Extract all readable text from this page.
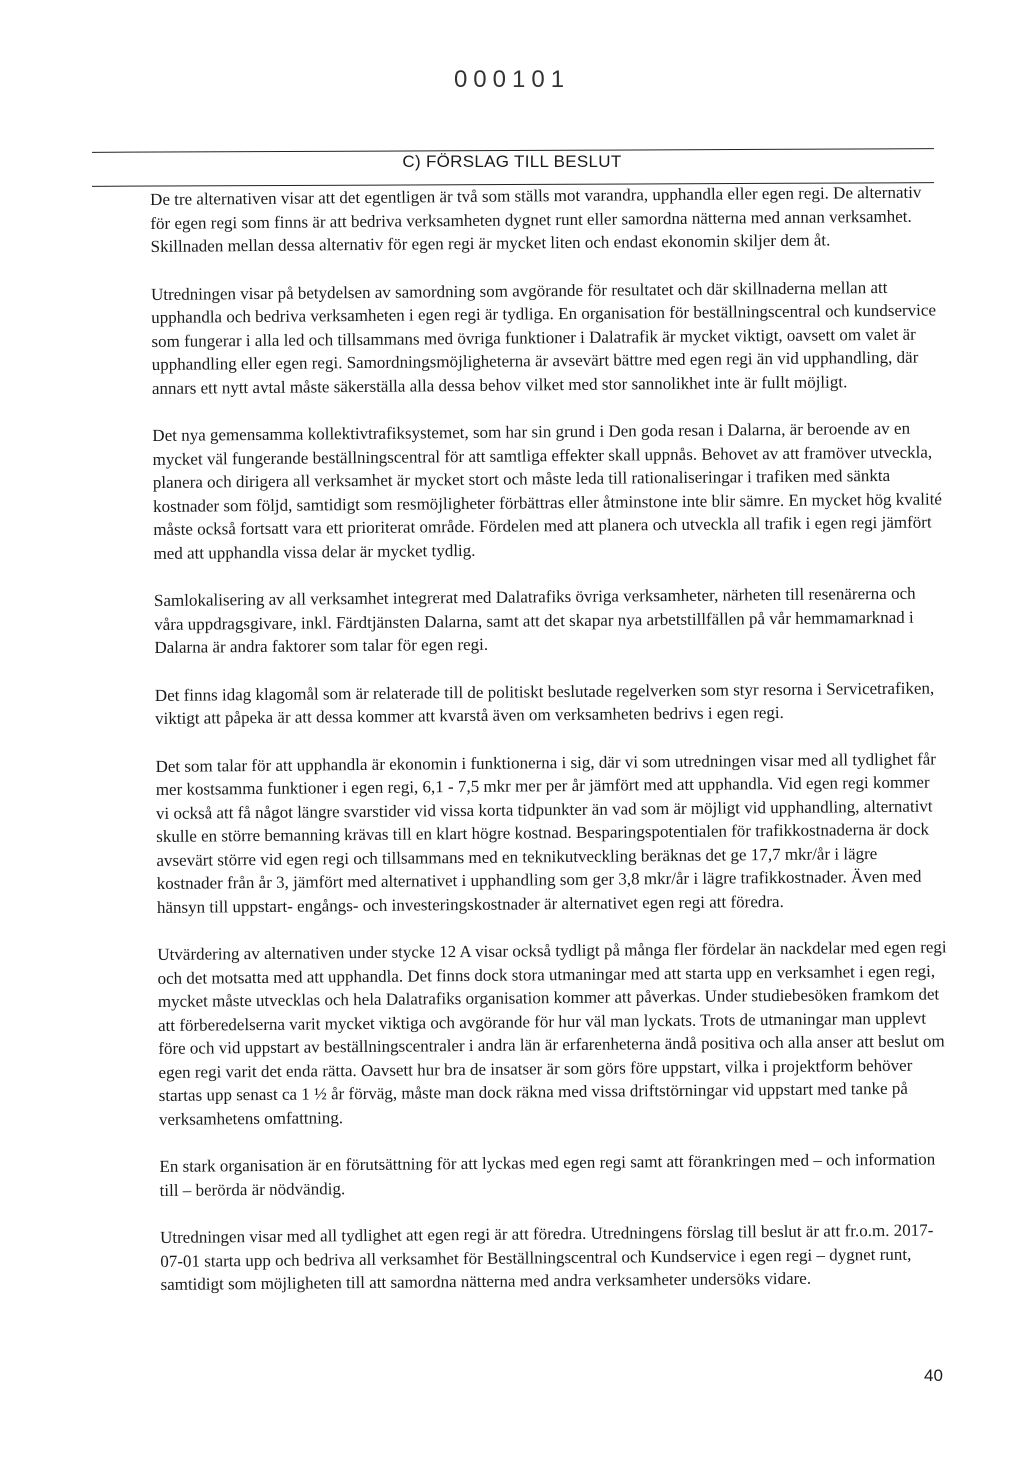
000101
C) FÖRSLAG TILL BESLUT

De tre alternativen visar att det egentligen är två som ställs mot varandra, upphandla eller egen regi. De alternativ för egen regi som finns är att bedriva verksamheten dygnet runt eller samordna nätterna med annan verksamhet. Skillnaden mellan dessa alternativ för egen regi är mycket liten och endast ekonomin skiljer dem åt.

Utredningen visar på betydelsen av samordning som avgörande för resultatet och där skillnaderna mellan att upphandla och bedriva verksamheten i egen regi är tydliga. En organisation för beställningscentral och kundservice som fungerar i alla led och tillsammans med övriga funktioner i Dalatrafik är mycket viktigt, oavsett om valet är upphandling eller egen regi. Samordningsmöjligheterna är avsevärt bättre med egen regi än vid upphandling, där annars ett nytt avtal måste säkerställa alla dessa behov vilket med stor sannolikhet inte är fullt möjligt.

Det nya gemensamma kollektivtrafiksystemet, som har sin grund i Den goda resan i Dalarna, är beroende av en mycket väl fungerande beställningscentral för att samtliga effekter skall uppnås. Behovet av att framöver utveckla, planera och dirigera all verksamhet är mycket stort och måste leda till rationaliseringar i trafiken med sänkta kostnader som följd, samtidigt som resmöjligheter förbättras eller åtminstone inte blir sämre. En mycket hög kvalité måste också fortsatt vara ett prioriterat område. Fördelen med att planera och utveckla all trafik i egen regi jämfört med att upphandla vissa delar är mycket tydlig.

Samlokalisering av all verksamhet integrerat med Dalatrafiks övriga verksamheter, närheten till resenärerna och våra uppdragsgivare, inkl. Färdtjänsten Dalarna, samt att det skapar nya arbetstillfällen på vår hemmamarknad i Dalarna är andra faktorer som talar för egen regi.

Det finns idag klagomål som är relaterade till de politiskt beslutade regelverken som styr resorna i Servicetrafiken, viktigt att påpeka är att dessa kommer att kvarstå även om verksamheten bedrivs i egen regi.

Det som talar för att upphandla är ekonomin i funktionerna i sig, där vi som utredningen visar med all tydlighet får mer kostsamma funktioner i egen regi, 6,1 - 7,5 mkr mer per år jämfört med att upphandla. Vid egen regi kommer vi också att få något längre svarstider vid vissa korta tidpunkter än vad som är möjligt vid upphandling, alternativt skulle en större bemanning krävas till en klart högre kostnad. Besparingspotentialen för trafikkostnaderna är dock avsevärt större vid egen regi och tillsammans med en teknikutveckling beräknas det ge 17,7 mkr/år i lägre kostnader från år 3, jämfört med alternativet i upphandling som ger 3,8 mkr/år i lägre trafikkostnader. Även med hänsyn till uppstart- engångs- och investeringskostnader är alternativet egen regi att föredra.

Utvärdering av alternativen under stycke 12 A visar också tydligt på många fler fördelar än nackdelar med egen regi och det motsatta med att upphandla. Det finns dock stora utmaningar med att starta upp en verksamhet i egen regi, mycket måste utvecklas och hela Dalatrafiks organisation kommer att påverkas. Under studiebesöken framkom det att förberedelserna varit mycket viktiga och avgörande för hur väl man lyckats. Trots de utmaningar man upplevt före och vid uppstart av beställningscentraler i andra län är erfarenheterna ändå positiva och alla anser att beslut om egen regi varit det enda rätta. Oavsett hur bra de insatser är som görs före uppstart, vilka i projektform behöver startas upp senast ca 1 ½ år förväg, måste man dock räkna med vissa driftstörningar vid uppstart med tanke på verksamhetens omfattning.

En stark organisation är en förutsättning för att lyckas med egen regi samt att förankringen med – och information till – berörda är nödvändig.

Utredningen visar med all tydlighet att egen regi är att föredra. Utredningens förslag till beslut är att fr.o.m. 2017-07-01 starta upp och bedriva all verksamhet för Beställningscentral och Kundservice i egen regi – dygnet runt, samtidigt som möjligheten till att samordna nätterna med andra verksamheter undersöks vidare.

40
